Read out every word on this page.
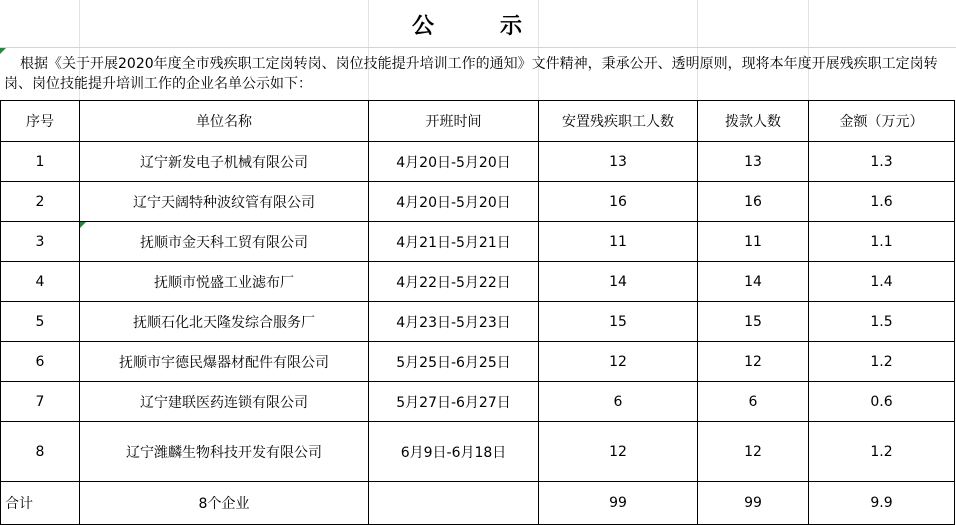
公　示
根据《关于开展2020年度全市残疾职工定岗转岗、岗位技能提升培训工作的通知》文件精神，秉承公开、透明原则，现将本年度开展残疾职工定岗转岗、岗位技能提升培训工作的企业名单公示如下：
序号	单位名称	开班时间	安置残疾职工人数	拨款人数	金额（万元）
1	辽宁新发电子机械有限公司	4月20日-5月20日	13	13	1.3
2	辽宁天阔特种波纹管有限公司	4月20日-5月20日	16	16	1.6
3	抚顺市金天科工贸有限公司	4月21日-5月21日	11	11	1.1
4	抚顺市悦盛工业滤布厂	4月22日-5月22日	14	14	1.4
5	抚顺石化北天隆发综合服务厂	4月23日-5月23日	15	15	1.5
6	抚顺市宇德民爆器材配件有限公司	5月25日-6月25日	12	12	1.2
7	辽宁建联医药连锁有限公司	5月27日-6月27日	6	6	0.6
8	辽宁潍麟生物科技开发有限公司	6月9日-6月18日	12	12	1.2
合计	8个企业		99	99	9.9
